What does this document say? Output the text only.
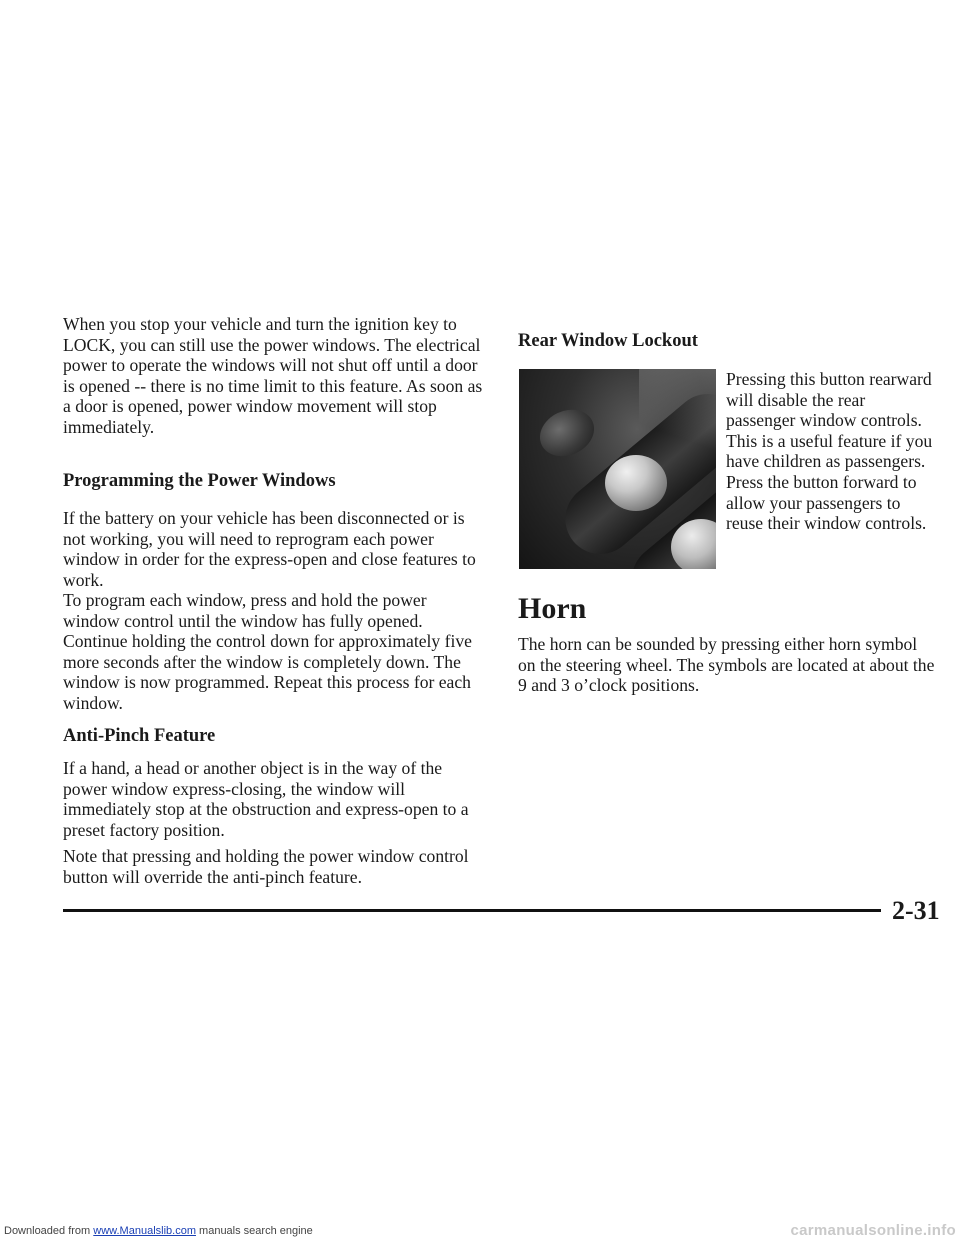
When you stop your vehicle and turn the ignition key to LOCK, you can still use the power windows. The electrical power to operate the windows will not shut off until a door is opened -- there is no time limit to this feature. As soon as a door is opened, power window movement will stop immediately.

Programming the Power Windows

If the battery on your vehicle has been disconnected or is not working, you will need to reprogram each power window in order for the express-open and close features to work.

To program each window, press and hold the power window control until the window has fully opened. Continue holding the control down for approximately five more seconds after the window is completely down. The window is now programmed. Repeat this process for each window.

Anti-Pinch Feature

If a hand, a head or another object is in the way of the power window express-closing, the window will immediately stop at the obstruction and express-open to a preset factory position.

Note that pressing and holding the power window control button will override the anti-pinch feature.

Rear Window Lockout

Pressing this button rearward will disable the rear passenger window controls. This is a useful feature if you have children as passengers. Press the button forward to allow your passengers to reuse their window controls.

Horn

The horn can be sounded by pressing either horn symbol on the steering wheel. The symbols are located at about the 9 and 3 o’clock positions.

2-31
Downloaded from www.Manualslib.com manuals search engine	carmanualsonline.info
